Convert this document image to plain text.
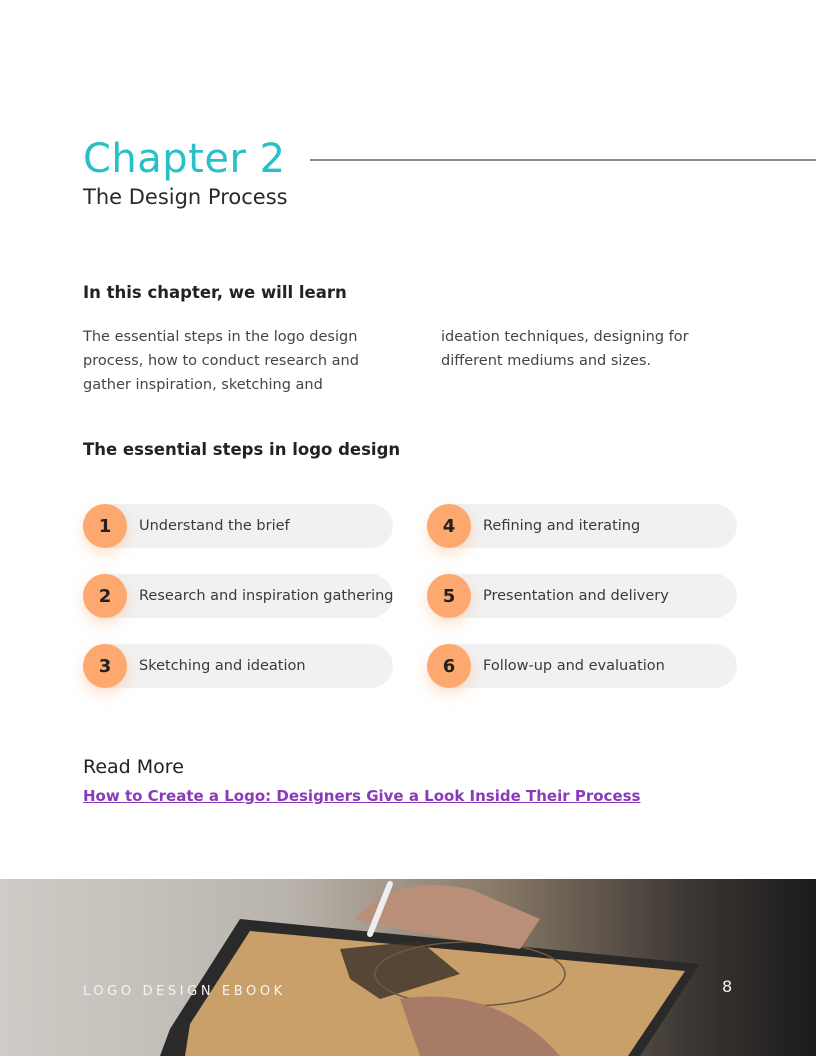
Chapter 2
The Design Process
In this chapter, we will learn
The essential steps in the logo design
process, how to conduct research and
gather inspiration, sketching and
ideation techniques, designing for
different mediums and sizes.
The essential steps in logo design
1	Understand the brief
2	Research and inspiration gathering
3	Sketching and ideation
4	Refining and iterating
5	Presentation and delivery
6	Follow-up and evaluation
Read More
How to Create a Logo: Designers Give a Look Inside Their Process
LOGO DESIGN EBOOK	8
